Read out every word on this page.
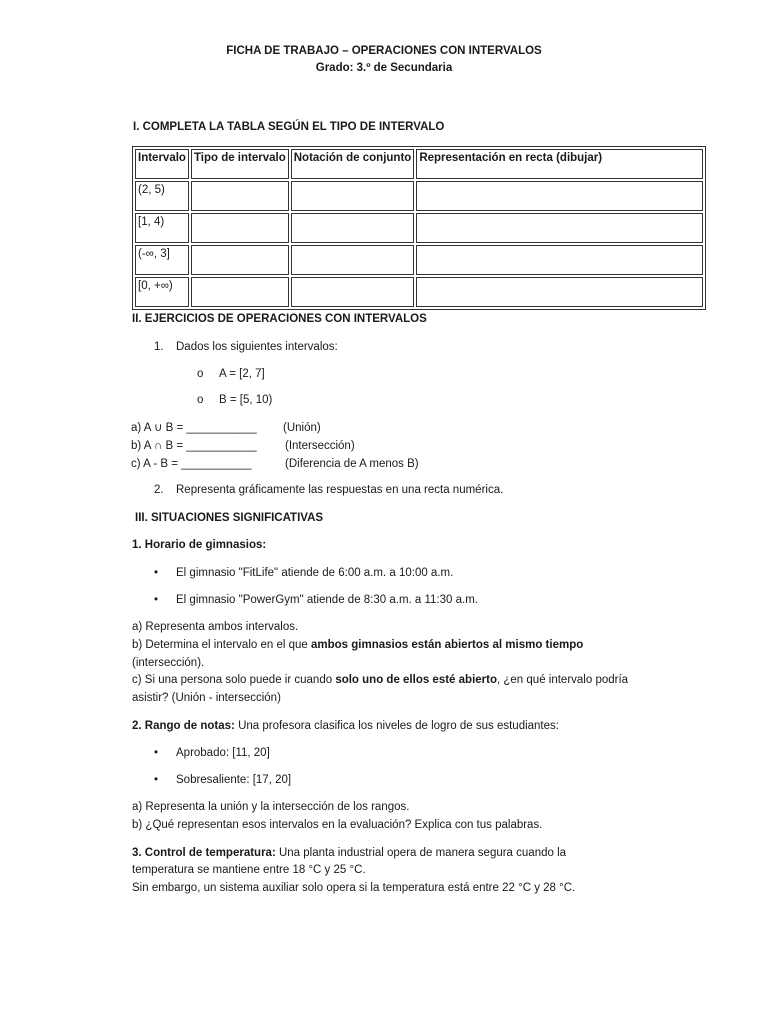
FICHA DE TRABAJO – OPERACIONES CON INTERVALOS
Grado: 3.º de Secundaria
I. COMPLETA LA TABLA SEGÚN EL TIPO DE INTERVALO
Intervalo	Tipo de intervalo	Notación de conjunto	Representación en recta (dibujar)
(2, 5)			
[1, 4)			
(-∞, 3]			
[0, +∞)			
II. EJERCICIOS DE OPERACIONES CON INTERVALOS
1. Dados los siguientes intervalos:
o A = [2, 7]
o B = [5, 10)
a) A ∪ B = ___________ (Unión)
b) A ∩ B = ___________ (Intersección)
c) A - B = ___________	(Diferencia de A menos B)
2. Representa gráficamente las respuestas en una recta numérica.
III. SITUACIONES SIGNIFICATIVAS
1. Horario de gimnasios:
• El gimnasio "FitLife" atiende de 6:00 a.m. a 10:00 a.m.
• El gimnasio "PowerGym" atiende de 8:30 a.m. a 11:30 a.m.
a) Representa ambos intervalos.
b) Determina el intervalo en el que ambos gimnasios están abiertos al mismo tiempo
(intersección).
c) Si una persona solo puede ir cuando solo uno de ellos esté abierto, ¿en qué intervalo podría
asistir? (Unión - intersección)
2. Rango de notas: Una profesora clasifica los niveles de logro de sus estudiantes:
• Aprobado: [11, 20]
• Sobresaliente: [17, 20]
a) Representa la unión y la intersección de los rangos.
b) ¿Qué representan esos intervalos en la evaluación? Explica con tus palabras.
3. Control de temperatura: Una planta industrial opera de manera segura cuando la
temperatura se mantiene entre 18 °C y 25 °C.
Sin embargo, un sistema auxiliar solo opera si la temperatura está entre 22 °C y 28 °C.
